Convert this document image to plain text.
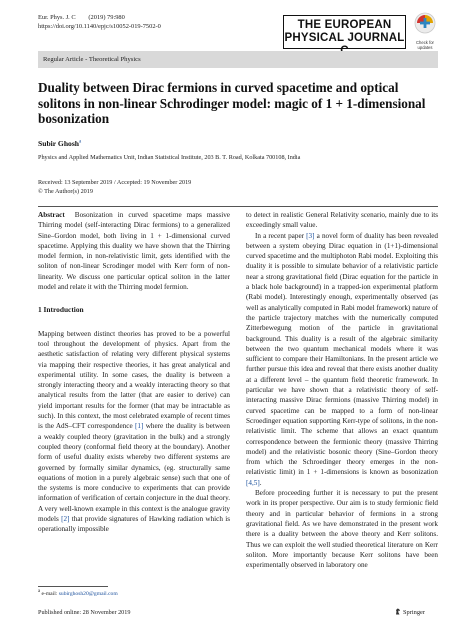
Eur. Phys. J. C        (2019) 79:980
https://doi.org/10.1140/epjc/s10052-019-7502-0	THE EUROPEAN
PHYSICAL JOURNAL	Check for updates
Regular Article - Theoretical Physics
Duality between Dirac fermions in curved spacetime and optical solitons in non-linear Schrodinger model: magic of 1 + 1-dimensional bosonization
Subir Ghosh$^a$
Physics and Applied Mathematics Unit, Indian Statistical Institute, 203 B. T. Road, Kolkata 700108, India
Received: 13 September 2019 / Accepted: 19 November 2019
© The Author(s) 2019

Abstract Bosonization in curved spacetime maps massive Thirring model (self-interacting Dirac fermions) to a generalized Sine–Gordon model, both living in 1 + 1-dimensional curved spacetime. Applying this duality we have shown that the Thirring model fermion, in non-relativistic limit, gets identified with the soliton of non-linear Scrodinger model with Kerr form of non-linearity. We discuss one particular optical soliton in the latter model and relate it with the Thirring model fermion.

1 Introduction

Mapping between distinct theories has proved to be a powerful tool throughout the development of physics. Apart from the aesthetic satisfaction of relating very different physical systems via mapping their respective theories, it has great analytical and experimental utility. In some cases, the duality is between a strongly interacting theory and a weakly interacting theory so that analytical results from the latter (that are easier to derive) can yield important results for the former (that may be intractable as such). In this context, the most celebrated example of recent times is the AdS–CFT correspondence [1] where the duality is between a weakly coupled theory (gravitation in the bulk) and a strongly coupled theory (conformal field theory at the boundary). Another form of useful duality exists whereby two different systems are governed by formally similar dynamics, (eg. structurally same equations of motion in a purely algebraic sense) such that one of the systems is more conducive to experiments that can provide information of verification of certain conjecture in the dual theory. A very well-known example in this context is the analogue gravity models [2] that provide signatures of Hawking radiation which is operationally impossible

to detect in realistic General Relativity scenario, mainly due to its exceedingly small value.

In a recent paper [3] a novel form of duality has been revealed between a system obeying Dirac equation in (1+1)-dimensional curved spacetime and the multiphoton Rabi model. Exploiting this duality it is possible to simulate behavior of a relativistic particle near a strong gravitational field (Dirac equation for the particle in a black hole background) in a trapped-ion experimental platform (Rabi model). Interestingly enough, experimentally observed (as well as analytically computed in Rabi model framework) nature of the particle trajectory matches with the numerically computed Zitterbewegung motion of the particle in gravitational background. This duality is a result of the algebraic similarity between the two quantum mechanical models where it was sufficient to compare their Hamiltonians. In the present article we further pursue this idea and reveal that there exists another duality at a different level – the quantum field theoretic framework. In particular we have shown that a relativistic theory of self-interacting massive Dirac fermions (massive Thirring model) in curved spacetime can be mapped to a form of non-linear Scroedinger equation supporting Kerr-type of solitons, in the non-relativistic limit. The scheme that allows an exact quantum correspondence between the fermionic theory (massive Thirring model) and the relativistic bosonic theory (Sine–Gordon theory from which the Schroedinger theory emerges in the non-relativistic limit) in 1 + 1-dimensions is known as bosonization [4,5].

Before proceeding further it is necessary to put the present work in its proper perspective. Our aim is to study fermionic field theory and in particular behavior of fermions in a strong gravitational field. As we have demonstrated in the present work there is a duality between the above theory and Kerr solitons. Thus we can exploit the well studied theoretical literature on Kerr soliton. More importantly because Kerr solitons have been experimentally observed in laboratory one

$^a$ e-mail: subirghosh20@gmail.com
Published online: 28 November 2019	Springer
